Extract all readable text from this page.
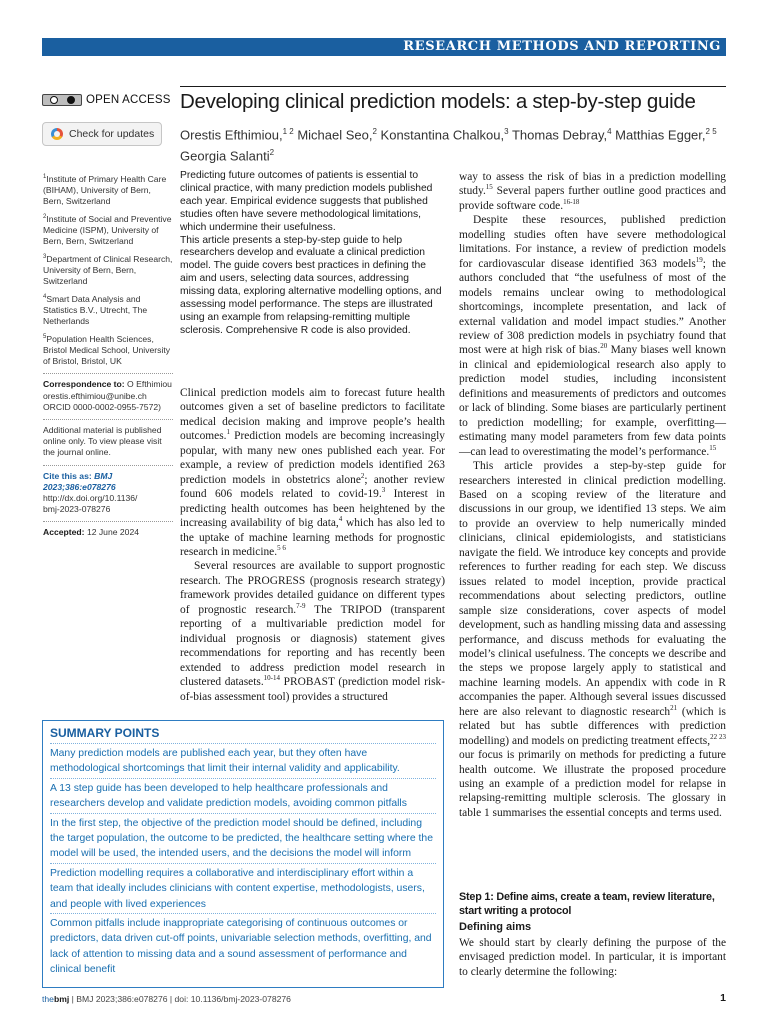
RESEARCH METHODS AND REPORTING
OPEN ACCESS
Check for updates
Developing clinical prediction models: a step-by-step guide
Orestis Efthimiou,$^{1 2}$ Michael Seo,$^2$ Konstantina Chalkou,$^3$ Thomas Debray,$^4$ Matthias Egger,$^{2 5}$ Georgia Salanti$^2$

$^1$Institute of Primary Health Care (BIHAM), University of Bern, Bern, Switzerland

$^2$Institute of Social and Preventive Medicine (ISPM), University of Bern, Bern, Switzerland

$^3$Department of Clinical Research, University of Bern, Bern, Switzerland

$^4$Smart Data Analysis and Statistics B.V., Utrecht, The Netherlands

$^5$Population Health Sciences, Bristol Medical School, University of Bristol, Bristol, UK

Correspondence to: O Efthimiou
orestis.efthimiou@unibe.ch
ORCID 0000-0002-0955-7572)

Additional material is published online only. To view please visit the journal online.

Cite this as: BMJ 2023;386:e078276
http://dx.doi.org/10.1136/
bmj-2023-078276

Accepted: 12 June 2024

Predicting future outcomes of patients is essential to clinical practice, with many prediction models published each year. Empirical evidence suggests that published studies often have severe methodological limitations, which undermine their usefulness.

This article presents a step-by-step guide to help researchers develop and evaluate a clinical prediction model. The guide covers best practices in defining the aim and users, selecting data sources, addressing missing data, exploring alternative modelling options, and assessing model performance. The steps are illustrated using an example from relapsing-remitting multiple sclerosis. Comprehensive R code is also provided.

Clinical prediction models aim to forecast future health outcomes given a set of baseline predictors to facilitate medical decision making and improve people’s health outcomes.$^1$ Prediction models are becoming increasingly popular, with many new ones published each year. For example, a review of prediction models identified 263 prediction models in obstetrics alone$^2$; another review found 606 models related to covid-19.$^3$ Interest in predicting health outcomes has been heightened by the increasing availability of big data,$^4$ which has also led to the uptake of machine learning methods for prognostic research in medicine.$^{5 6}$

Several resources are available to support prognostic research. The PROGRESS (prognosis research strategy) framework provides detailed guidance on different types of prognostic research.$^{7-9}$ The TRIPOD (transparent reporting of a multivariable prediction model for individual prognosis or diagnosis) statement gives recommendations for reporting and has recently been extended to address prediction model research in clustered datasets.$^{10-14}$ PROBAST (prediction model risk-of-bias assessment tool) provides a structured

way to assess the risk of bias in a prediction modelling study.$^{15}$ Several papers further outline good practices and provide software code.$^{16-18}$

Despite these resources, published prediction modelling studies often have severe methodological limitations. For instance, a review of prediction models for cardiovascular disease identified 363 models$^{19}$; the authors concluded that “the usefulness of most of the models remains unclear owing to methodological shortcomings, incomplete presentation, and lack of external validation and model impact studies.” Another review of 308 prediction models in psychiatry found that most were at high risk of bias.$^{20}$ Many biases well known in clinical and epidemiological research also apply to prediction model studies, including inconsistent definitions and measurements of predictors and outcomes or lack of blinding. Some biases are particularly pertinent to prediction modelling; for example, overfitting—estimating many model parameters from few data points—can lead to overestimating the model’s performance.$^{15}$

This article provides a step-by-step guide for researchers interested in clinical prediction modelling. Based on a scoping review of the literature and discussions in our group, we identified 13 steps. We aim to provide an overview to help numerically minded clinicians, clinical epidemiologists, and statisticians navigate the field. We introduce key concepts and provide references to further reading for each step. We discuss issues related to model inception, provide practical recommendations about selecting predictors, outline sample size considerations, cover aspects of model development, such as handling missing data and assessing performance, and discuss methods for evaluating the model’s clinical usefulness. The concepts we describe and the steps we propose largely apply to statistical and machine learning models. An appendix with code in R accompanies the paper. Although several issues discussed here are also relevant to diagnostic research$^{21}$ (which is related but has subtle differences with prediction modelling) and models on predicting treatment effects,$^{22 23}$ our focus is primarily on methods for predicting a future health outcome. We illustrate the proposed procedure using an example of a prediction model for relapse in relapsing-remitting multiple sclerosis. The glossary in table 1 summarises the essential concepts and terms used.

Step 1: Define aims, create a team, review literature, start writing a protocol
Defining aims

We should start by clearly defining the purpose of the envisaged prediction model. In particular, it is important to clearly determine the following:

SUMMARY POINTS
Many prediction models are published each year, but they often have methodological shortcomings that limit their internal validity and applicability.
A 13 step guide has been developed to help healthcare professionals and researchers develop and validate prediction models, avoiding common pitfalls
In the first step, the objective of the prediction model should be defined, including the target population, the outcome to be predicted, the healthcare setting where the model will be used, the intended users, and the decisions the model will inform
Prediction modelling requires a collaborative and interdisciplinary effort within a team that ideally includes clinicians with content expertise, methodologists, users, and people with lived experiences
Common pitfalls include inappropriate categorising of continuous outcomes or predictors, data driven cut-off points, univariable selection methods, overfitting, and lack of attention to missing data and a sound assessment of performance and clinical benefit
thebmj | BMJ 2023;386:e078276 | doi: 10.1136/bmj-2023-078276	1
